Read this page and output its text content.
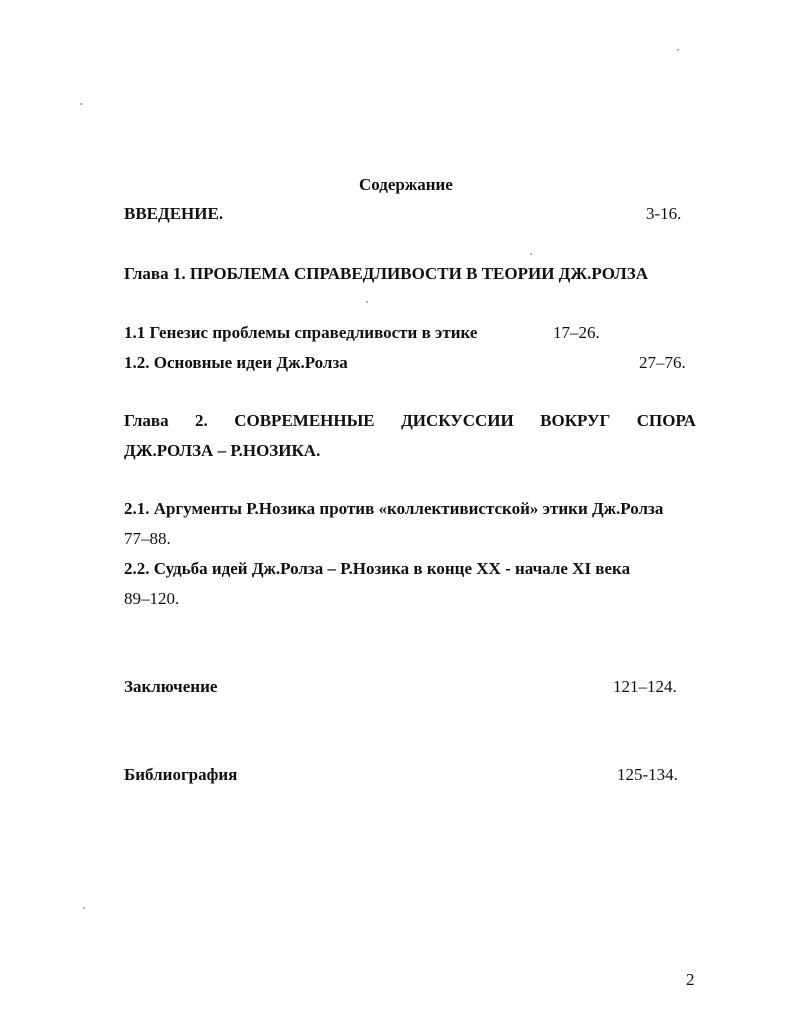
Содержание
ВВЕДЕНИЕ.	3-16.
Глава 1. ПРОБЛЕМА СПРАВЕДЛИВОСТИ В ТЕОРИИ ДЖ.РОЛЗА
1.1 Генезис проблемы справедливости в этике	17–26.
1.2. Основные идеи Дж.Ролза	27–76.
Глава 2. СОВРЕМЕННЫЕ ДИСКУССИИ ВОКРУГ СПОРА
ДЖ.РОЛЗА – Р.НОЗИКА.
2.1. Аргументы Р.Нозика против «коллективистской» этики Дж.Ролза
77–88.
2.2. Судьба идей Дж.Ролза – Р.Нозика в конце XX - начале XI века
89–120.
Заключение	121–124.
Библиография	125-134.
2
